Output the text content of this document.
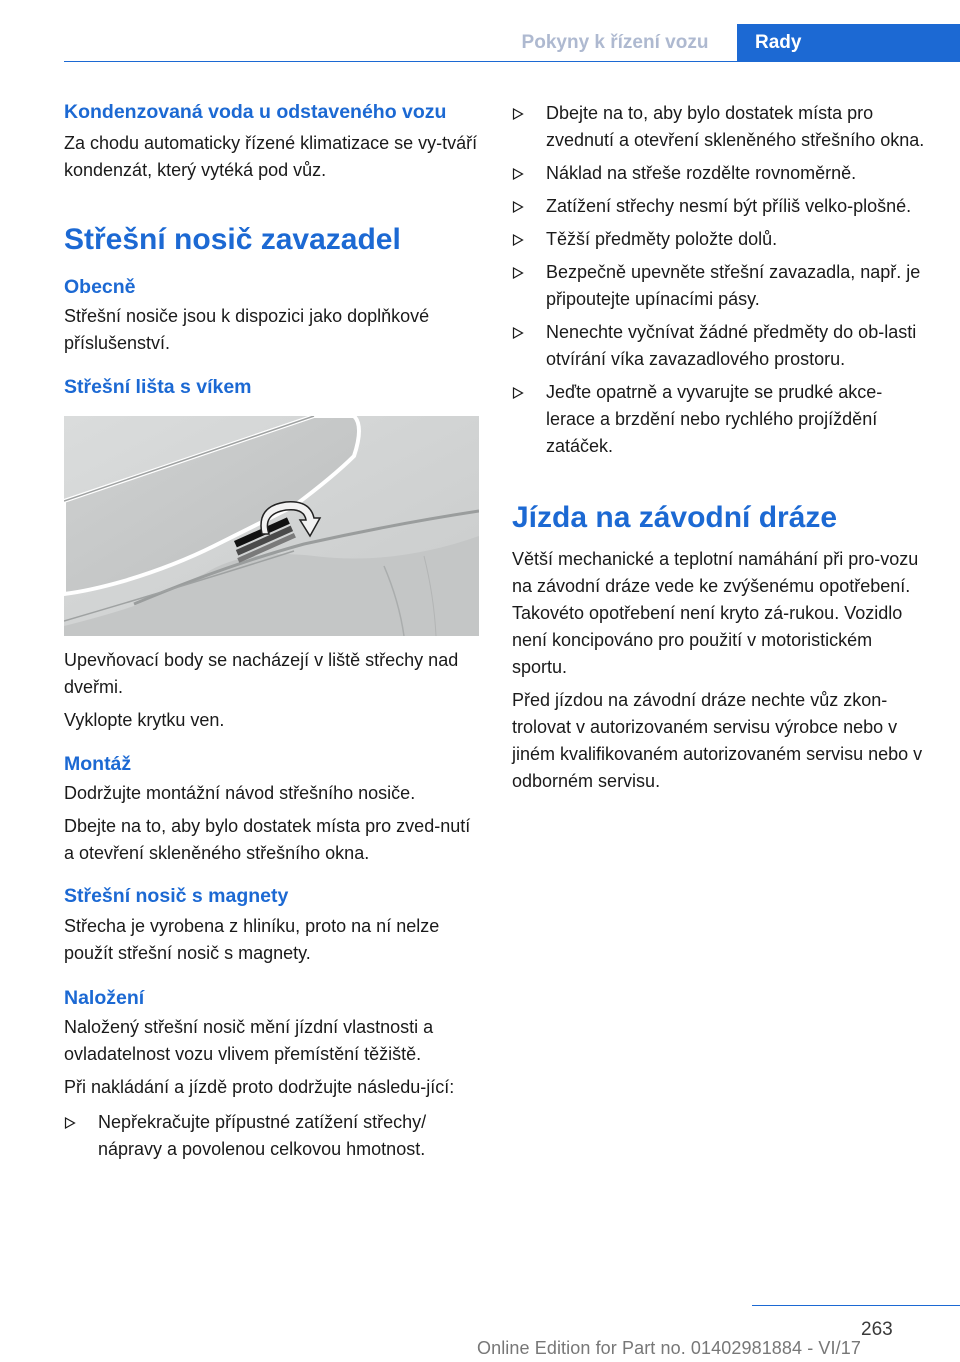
Pokyny k řízení vozu	Rady
Kondenzovaná voda u odstaveného vozu
Za chodu automaticky řízené klimatizace se vy-tváří kondenzát, který vytéká pod vůz.
Střešní nosič zavazadel
Obecně
Střešní nosiče jsou k dispozici jako doplňkové příslušenství.
Střešní lišta s víkem
Upevňovací body se nacházejí v liště střechy nad dveřmi.
Vyklopte krytku ven.
Montáž
Dodržujte montážní návod střešního nosiče.
Dbejte na to, aby bylo dostatek místa pro zved-nutí a otevření skleněného střešního okna.
Střešní nosič s magnety
Střecha je vyrobena z hliníku, proto na ní nelze použít střešní nosič s magnety.
Naložení
Naložený střešní nosič mění jízdní vlastnosti a ovladatelnost vozu vlivem přemístění těžiště.
Při nakládání a jízdě proto dodržujte následu-jící:
Nepřekračujte přípustné zatížení střechy/ nápravy a povolenou celkovou hmotnost.
Dbejte na to, aby bylo dostatek místa pro zvednutí a otevření skleněného střešního okna.
Náklad na střeše rozdělte rovnoměrně.
Zatížení střechy nesmí být příliš velko-plošné.
Těžší předměty položte dolů.
Bezpečně upevněte střešní zavazadla, např. je připoutejte upínacími pásy.
Nenechte vyčnívat žádné předměty do ob-lasti otvírání víka zavazadlového prostoru.
Jeďte opatrně a vyvarujte se prudké akce-lerace a brzdění nebo rychlého projíždění zatáček.
Jízda na závodní dráze
Větší mechanické a teplotní namáhání při pro-vozu na závodní dráze vede ke zvýšenému opotřebení. Takovéto opotřebení není kryto zá-rukou. Vozidlo není koncipováno pro použití v motoristickém sportu.
Před jízdou na závodní dráze nechte vůz zkon-trolovat v autorizovaném servisu výrobce nebo v jiném kvalifikovaném autorizovaném servisu nebo v odborném servisu.
263
Online Edition for Part no. 01402981884 - VI/17
